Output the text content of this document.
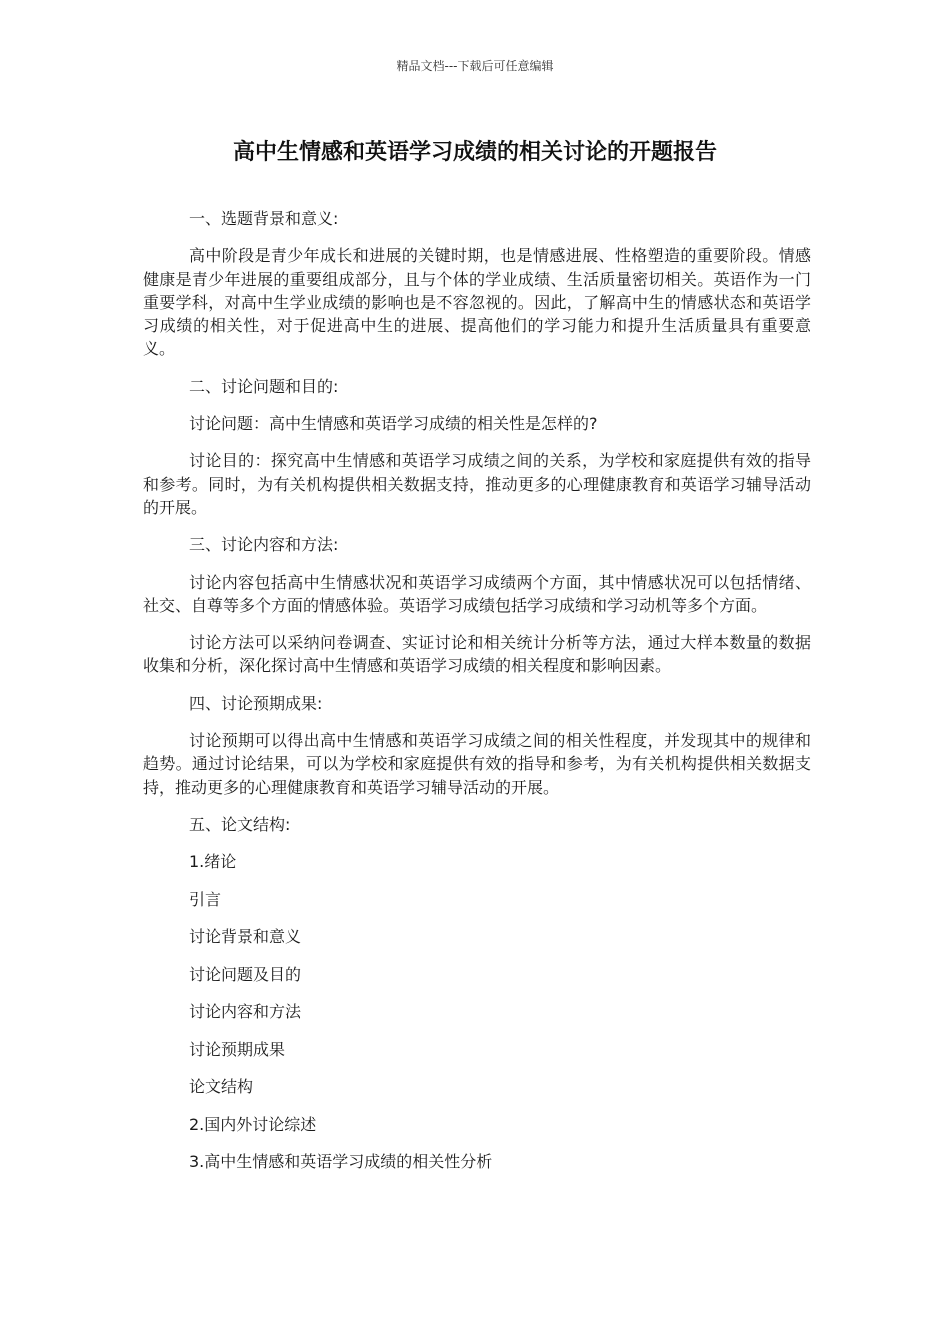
精品文档---下载后可任意编辑
高中生情感和英语学习成绩的相关讨论的开题报告

一、选题背景和意义:

高中阶段是青少年成长和进展的关键时期，也是情感进展、性格塑造的重要阶段。情感健康是青少年进展的重要组成部分，且与个体的学业成绩、生活质量密切相关。英语作为一门重要学科，对高中生学业成绩的影响也是不容忽视的。因此，了解高中生的情感状态和英语学习成绩的相关性，对于促进高中生的进展、提高他们的学习能力和提升生活质量具有重要意义。

二、讨论问题和目的:

讨论问题：高中生情感和英语学习成绩的相关性是怎样的?

讨论目的：探究高中生情感和英语学习成绩之间的关系，为学校和家庭提供有效的指导和参考。同时，为有关机构提供相关数据支持，推动更多的心理健康教育和英语学习辅导活动的开展。

三、讨论内容和方法:

讨论内容包括高中生情感状况和英语学习成绩两个方面，其中情感状况可以包括情绪、社交、自尊等多个方面的情感体验。英语学习成绩包括学习成绩和学习动机等多个方面。

讨论方法可以采纳问卷调查、实证讨论和相关统计分析等方法，通过大样本数量的数据收集和分析，深化探讨高中生情感和英语学习成绩的相关程度和影响因素。

四、讨论预期成果:

讨论预期可以得出高中生情感和英语学习成绩之间的相关性程度，并发现其中的规律和趋势。通过讨论结果，可以为学校和家庭提供有效的指导和参考，为有关机构提供相关数据支持，推动更多的心理健康教育和英语学习辅导活动的开展。

五、论文结构:

1.绪论

引言

讨论背景和意义

讨论问题及目的

讨论内容和方法

讨论预期成果

论文结构

2.国内外讨论综述

3.高中生情感和英语学习成绩的相关性分析
